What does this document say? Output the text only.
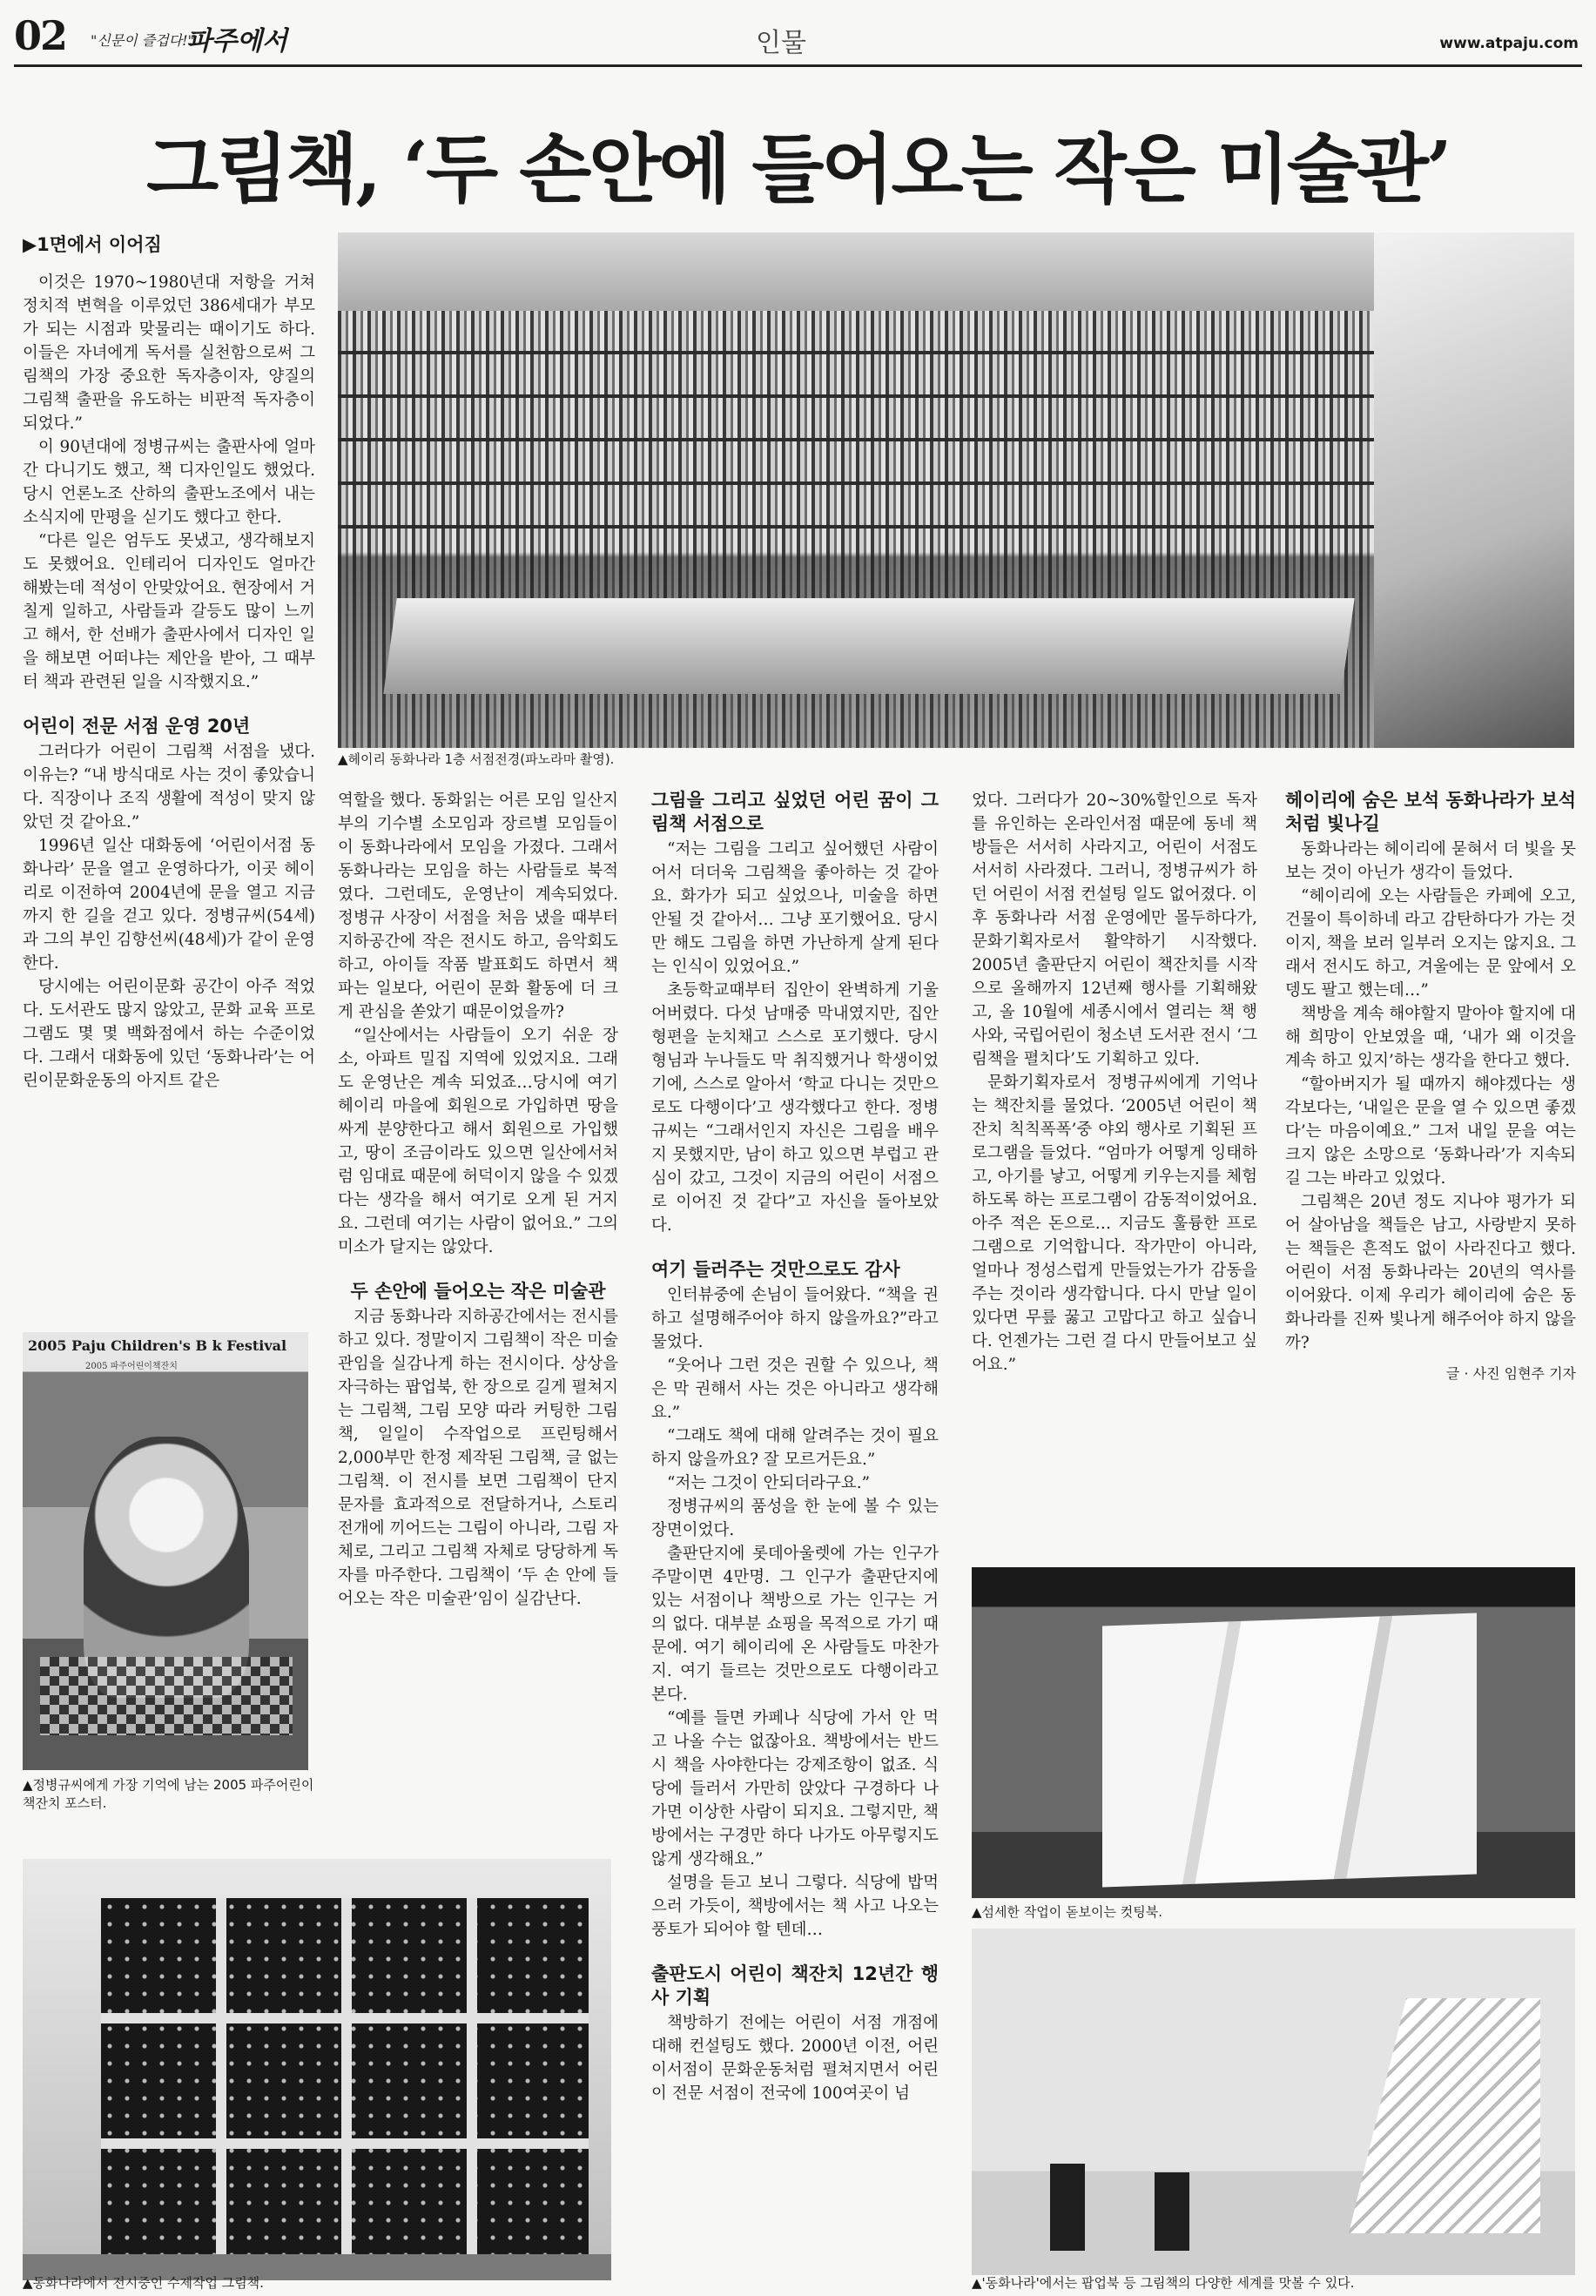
02 "신문이 즐겁다!"
파주에서	인물	www.atpaju.com
그림책, ‘두 손안에 들어오는 작은 미술관’
▶1면에서 이어짐

이것은 1970~1980년대 저항을 거쳐 정치적 변혁을 이루었던 386세대가 부모가 되는 시점과 맞물리는 때이기도 하다. 이들은 자녀에게 독서를 실천함으로써 그림책의 가장 중요한 독자층이자, 양질의 그림책 출판을 유도하는 비판적 독자층이 되었다.”

이 90년대에 정병규씨는 출판사에 얼마간 다니기도 했고, 책 디자인일도 했었다. 당시 언론노조 산하의 출판노조에서 내는 소식지에 만평을 싣기도 했다고 한다.

“다른 일은 엄두도 못냈고, 생각해보지도 못했어요. 인테리어 디자인도 얼마간 해봤는데 적성이 안맞았어요. 현장에서 거칠게 일하고, 사람들과 갈등도 많이 느끼고 해서, 한 선배가 출판사에서 디자인 일을 해보면 어떠냐는 제안을 받아, 그 때부터 책과 관련된 일을 시작했지요.”

어린이 전문 서점 운영 20년

그러다가 어린이 그림책 서점을 냈다. 이유는? “내 방식대로 사는 것이 좋았습니다. 직장이나 조직 생활에 적성이 맞지 않았던 것 같아요.”

1996년 일산 대화동에 ‘어린이서점 동화나라’ 문을 열고 운영하다가, 이곳 헤이리로 이전하여 2004년에 문을 열고 지금까지 한 길을 걷고 있다. 정병규씨(54세)과 그의 부인 김향선씨(48세)가 같이 운영한다.

당시에는 어린이문화 공간이 아주 적었다. 도서관도 많지 않았고, 문화 교육 프로그램도 몇 몇 백화점에서 하는 수준이었다. 그래서 대화동에 있던 ‘동화나라’는 어린이문화운동의 아지트 같은

▲헤이리 동화나라 1층 서점전경(파노라마 촬영).

역할을 했다. 동화읽는 어른 모임 일산지부의 기수별 소모임과 장르별 모임들이 이 동화나라에서 모임을 가졌다. 그래서 동화나라는 모임을 하는 사람들로 북적였다. 그런데도, 운영난이 계속되었다. 정병규 사장이 서점을 처음 냈을 때부터 지하공간에 작은 전시도 하고, 음악회도 하고, 아이들 작품 발표회도 하면서 책 파는 일보다, 어린이 문화 활동에 더 크게 관심을 쏟았기 때문이었을까?

“일산에서는 사람들이 오기 쉬운 장소, 아파트 밀집 지역에 있었지요. 그래도 운영난은 계속 되었죠…당시에 여기 헤이리 마을에 회원으로 가입하면 땅을 싸게 분양한다고 해서 회원으로 가입했고, 땅이 조금이라도 있으면 일산에서처럼 임대료 때문에 허덕이지 않을 수 있겠다는 생각을 해서 여기로 오게 된 거지요. 그런데 여기는 사람이 없어요.” 그의 미소가 달지는 않았다.

두 손안에 들어오는 작은 미술관

지금 동화나라 지하공간에서는 전시를 하고 있다. 정말이지 그림책이 작은 미술관임을 실감나게 하는 전시이다. 상상을 자극하는 팝업북, 한 장으로 길게 펼쳐지는 그림책, 그림 모양 따라 커팅한 그림책, 일일이 수작업으로 프린팅해서 2,000부만 한정 제작된 그림책, 글 없는 그림책. 이 전시를 보면 그림책이 단지 문자를 효과적으로 전달하거나, 스토리 전개에 끼어드는 그림이 아니라, 그림 자체로, 그리고 그림책 자체로 당당하게 독자를 마주한다. 그림책이 ‘두 손 안에 들어오는 작은 미술관’임이 실감난다.

2005 Paju Children's B k Festival
2005 파주어린이책잔치
▲정병규씨에게 가장 기억에 남는 2005 파주어린이책잔치 포스터.
그림을 그리고 싶었던 어린 꿈이 그림책 서점으로

“저는 그림을 그리고 싶어했던 사람이어서 더더욱 그림책을 좋아하는 것 같아요. 화가가 되고 싶었으나, 미술을 하면 안될 것 같아서… 그냥 포기했어요. 당시만 해도 그림을 하면 가난하게 살게 된다는 인식이 있었어요.”

초등학교때부터 집안이 완벽하게 기울어버렸다. 다섯 남매중 막내였지만, 집안 형편을 눈치채고 스스로 포기했다. 당시 형님과 누나들도 막 취직했거나 학생이었기에, 스스로 알아서 ‘학교 다니는 것만으로도 다행이다’고 생각했다고 한다. 정병규씨는 “그래서인지 자신은 그림을 배우지 못했지만, 남이 하고 있으면 부럽고 관심이 갔고, 그것이 지금의 어린이 서점으로 이어진 것 같다”고 자신을 돌아보았다.

여기 들러주는 것만으로도 감사

인터뷰중에 손님이 들어왔다. “책을 권하고 설명해주어야 하지 않을까요?”라고 물었다.

“웃어나 그런 것은 권할 수 있으나, 책은 막 권해서 사는 것은 아니라고 생각해요.”

“그래도 책에 대해 알려주는 것이 필요하지 않을까요? 잘 모르거든요.”

“저는 그것이 안되더라구요.”

정병규씨의 품성을 한 눈에 볼 수 있는 장면이었다.

출판단지에 롯데아울렛에 가는 인구가 주말이면 4만명. 그 인구가 출판단지에 있는 서점이나 책방으로 가는 인구는 거의 없다. 대부분 쇼핑을 목적으로 가기 때문에. 여기 헤이리에 온 사람들도 마찬가지. 여기 들르는 것만으로도 다행이라고 본다.

“예를 들면 카페나 식당에 가서 안 먹고 나올 수는 없잖아요. 책방에서는 반드시 책을 사야한다는 강제조항이 없죠. 식당에 들러서 가만히 앉았다 구경하다 나가면 이상한 사람이 되지요. 그렇지만, 책방에서는 구경만 하다 나가도 아무렇지도 않게 생각해요.”

설명을 듣고 보니 그렇다. 식당에 밥먹으러 가듯이, 책방에서는 책 사고 나오는 풍토가 되어야 할 텐데…

출판도시 어린이 책잔치 12년간 행사 기획

책방하기 전에는 어린이 서점 개점에 대해 컨설팅도 했다. 2000년 이전, 어린이서점이 문화운동처럼 펼쳐지면서 어린이 전문 서점이 전국에 100여곳이 넘

▲동화나라에서 전시중인 수제작업 그림책.

었다. 그러다가 20~30%할인으로 독자를 유인하는 온라인서점 때문에 동네 책방들은 서서히 사라지고, 어린이 서점도 서서히 사라졌다. 그러니, 정병규씨가 하던 어린이 서점 컨설팅 일도 없어졌다. 이후 동화나라 서점 운영에만 몰두하다가, 문화기획자로서 활약하기 시작했다. 2005년 출판단지 어린이 책잔치를 시작으로 올해까지 12년째 행사를 기획해왔고, 올 10월에 세종시에서 열리는 책 행사와, 국립어린이 청소년 도서관 전시 ‘그림책을 펼치다’도 기획하고 있다.

문화기획자로서 정병규씨에게 기억나는 책잔치를 물었다. ‘2005년 어린이 책 잔치 칙칙폭폭’중 야외 행사로 기획된 프로그램을 들었다. “엄마가 어떻게 잉태하고, 아기를 낳고, 어떻게 키우는지를 체험하도록 하는 프로그램이 감동적이었어요. 아주 적은 돈으로… 지금도 훌륭한 프로그램으로 기억합니다. 작가만이 아니라, 얼마나 정성스럽게 만들었는가가 감동을 주는 것이라 생각합니다. 다시 만날 일이 있다면 무릎 꿇고 고맙다고 하고 싶습니다. 언젠가는 그런 걸 다시 만들어보고 싶어요.”

헤이리에 숨은 보석 동화나라가 보석처럼 빛나길

동화나라는 헤이리에 묻혀서 더 빛을 못보는 것이 아닌가 생각이 들었다.

“헤이리에 오는 사람들은 카페에 오고, 건물이 특이하네 라고 감탄하다가 가는 것이지, 책을 보러 일부러 오지는 않지요. 그래서 전시도 하고, 겨울에는 문 앞에서 오뎅도 팔고 했는데…”

책방을 계속 해야할지 말아야 할지에 대해 희망이 안보였을 때, ‘내가 왜 이것을 계속 하고 있지’하는 생각을 한다고 했다.

“할아버지가 될 때까지 해야겠다는 생각보다는, ‘내일은 문을 열 수 있으면 좋겠다’는 마음이예요.” 그저 내일 문을 여는 크지 않은 소망으로 ‘동화나라’가 지속되길 그는 바라고 있었다.

그림책은 20년 정도 지나야 평가가 되어 살아남을 책들은 남고, 사랑받지 못하는 책들은 흔적도 없이 사라진다고 했다. 어린이 서점 동화나라는 20년의 역사를 이어왔다. 이제 우리가 헤이리에 숨은 동화나라를 진짜 빛나게 해주어야 하지 않을까?

글 · 사진 임현주 기자
▲섬세한 작업이 돋보이는 컷팅북.
▲'동화나라'에서는 팝업북 등 그림책의 다양한 세계를 맛볼 수 있다.
